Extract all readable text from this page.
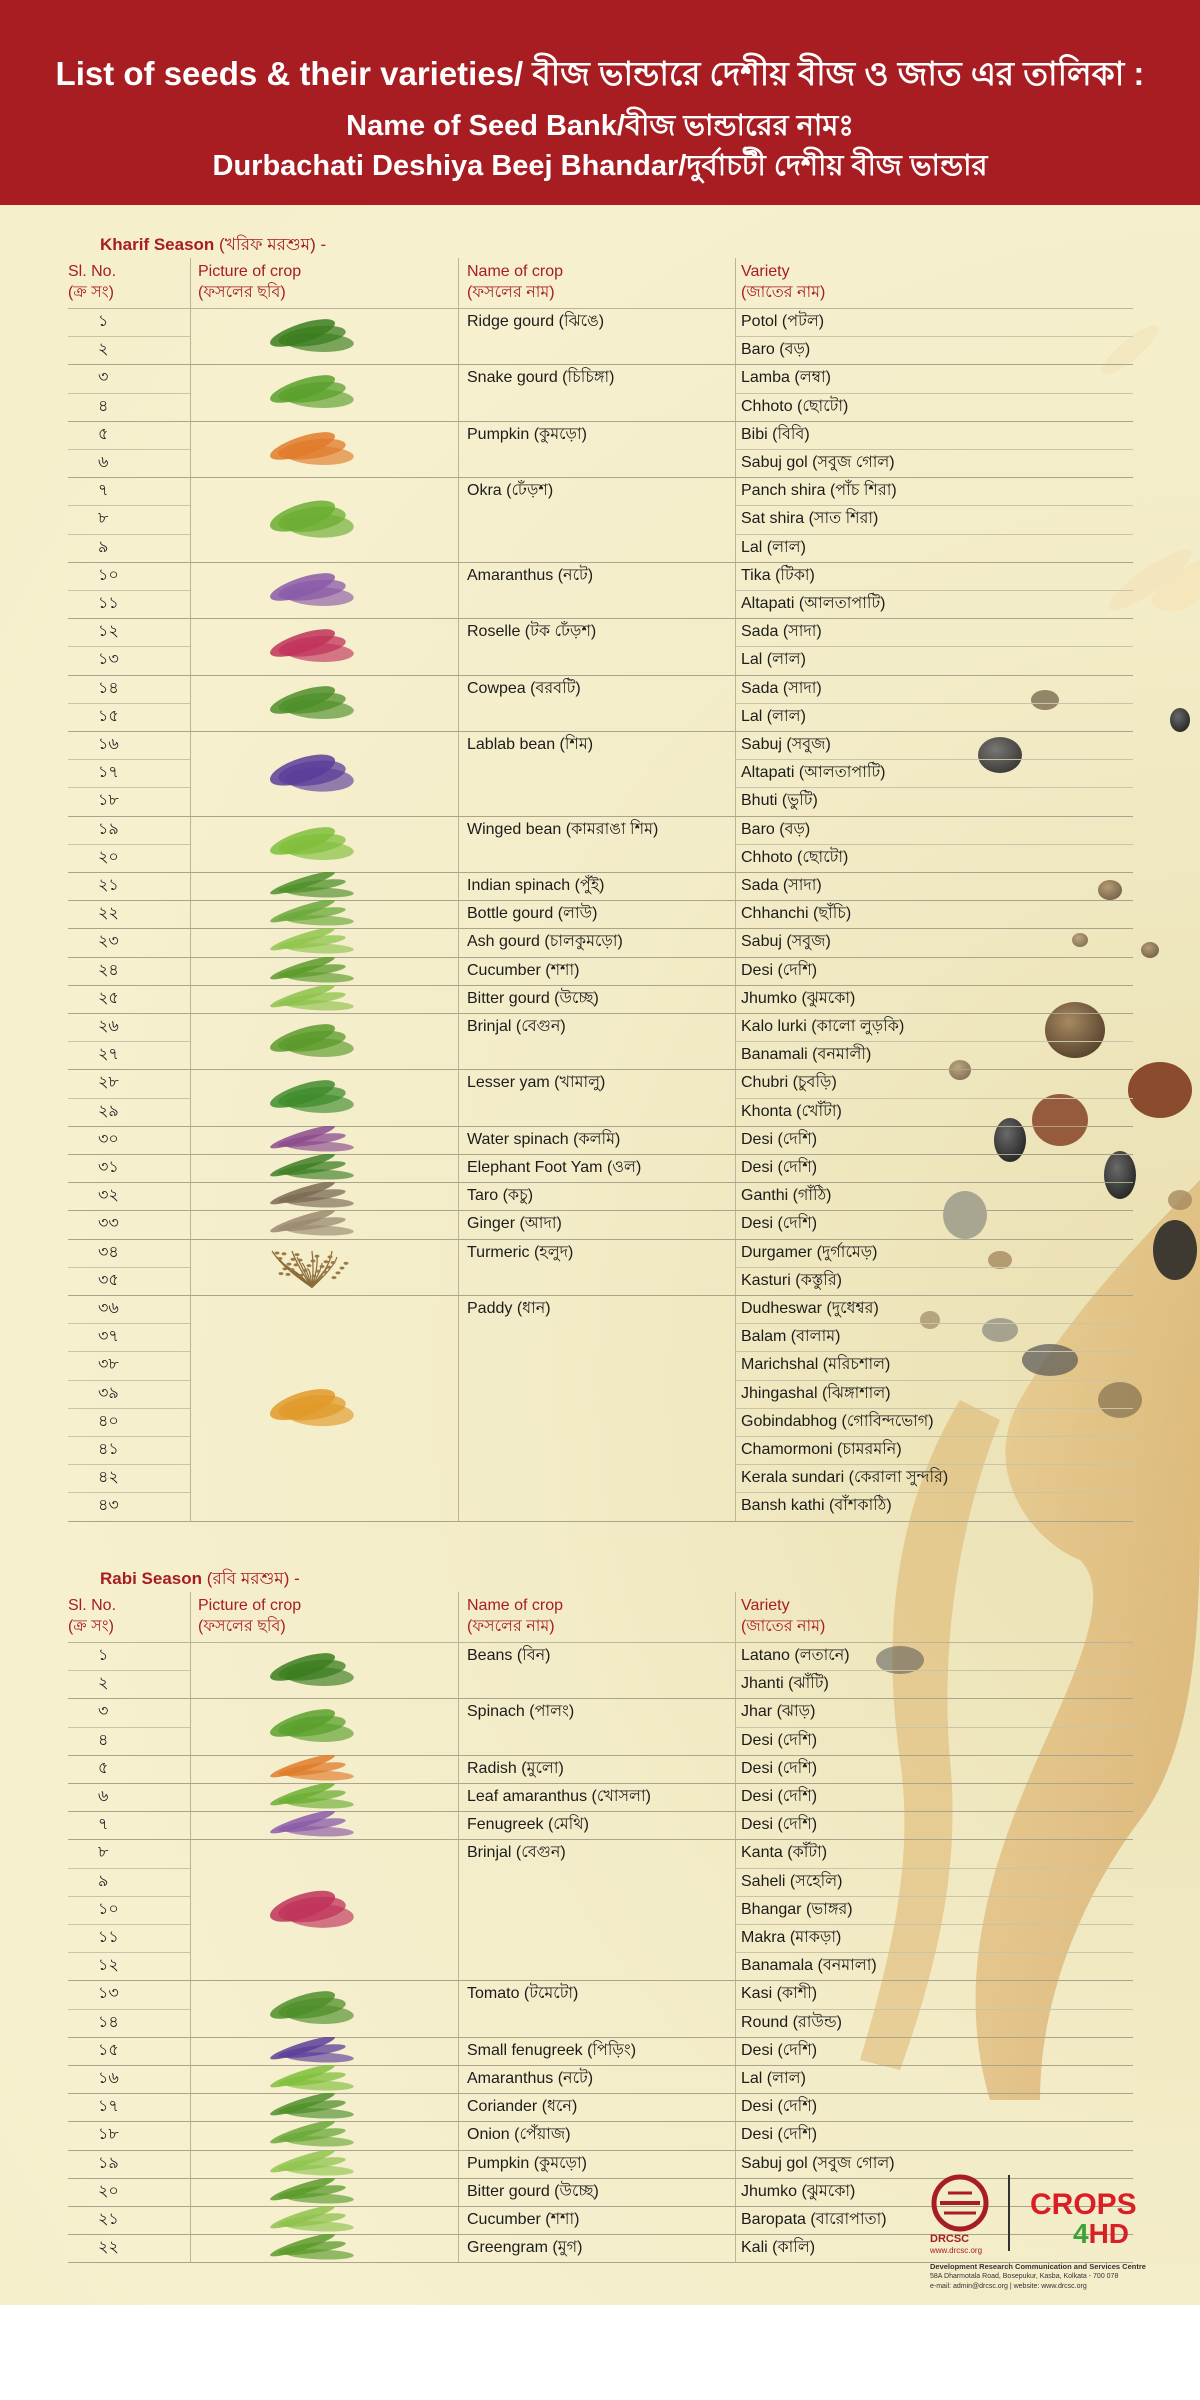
List of seeds & their varieties/ বীজ ভান্ডারে দেশীয় বীজ ও জাত এর তালিকা :
Name of Seed Bank/বীজ ভান্ডারের নামঃ
Durbachati Deshiya Beej Bhandar/দুর্বাচটী দেশীয় বীজ ভান্ডার
Kharif Season (খরিফ মরশুম) -
Sl. No.
(ক্র সং)
Picture of crop
(ফসলের ছবি)
Name of crop
(ফসলের নাম)
Variety
(জাতের নাম)
১	Ridge gourd (ঝিঙে)	Potol (পটল)
২	Baro (বড়)
৩	Snake gourd (চিচিঙ্গা)	Lamba (লম্বা)
৪	Chhoto (ছোটো)
৫	Pumpkin (কুমড়ো)	Bibi (বিবি)
৬	Sabuj gol (সবুজ গোল)
৭	Okra (ঢেঁড়শ)	Panch shira (পাঁচ শিরা)
৮	Sat shira (সাত শিরা)
৯	Lal (লাল)
১০	Amaranthus (নটে)	Tika (টিকা)
১১	Altapati (আলতাপাটি)
১২	Roselle (টক ঢেঁড়শ)	Sada (সাদা)
১৩	Lal (লাল)
১৪	Cowpea (বরবটি)	Sada (সাদা)
১৫	Lal (লাল)
১৬	Lablab bean (শিম)	Sabuj (সবুজ)
১৭	Altapati (আলতাপাটি)
১৮	Bhuti (ভুটি)
১৯	Winged bean (কামরাঙা শিম)	Baro (বড়)
২০	Chhoto (ছোটো)
২১	Indian spinach (পুঁই)	Sada (সাদা)
২২	Bottle gourd (লাউ)	Chhanchi (ছাঁচি)
২৩	Ash gourd (চালকুমড়ো)	Sabuj (সবুজ)
২৪	Cucumber (শশা)	Desi (দেশি)
২৫	Bitter gourd (উচ্ছে)	Jhumko (ঝুমকো)
২৬	Brinjal (বেগুন)	Kalo lurki (কালো লুড়কি)
২৭	Banamali (বনমালী)
২৮	Lesser yam (খামালু)	Chubri (চুবড়ি)
২৯	Khonta (খোঁটা)
৩০	Water spinach (কলমি)	Desi (দেশি)
৩১	Elephant Foot Yam (ওল)	Desi (দেশি)
৩২	Taro (কচু)	Ganthi (গাঁঠি)
৩৩	Ginger (আদা)	Desi (দেশি)
৩৪	Turmeric (হলুদ)	Durgamer (দুর্গামেড়)
৩৫	Kasturi (কস্তুরি)
৩৬	Paddy (ধান)	Dudheswar (দুধেশ্বর)
৩৭	Balam (বালাম)
৩৮	Marichshal (মরিচশাল)
৩৯	Jhingashal (ঝিঙ্গাশাল)
৪০	Gobindabhog (গোবিন্দভোগ)
৪১	Chamormoni (চামরমনি)
৪২	Kerala sundari (কেরালা সুন্দরি)
৪৩	Bansh kathi (বাঁশকাঠি)
Rabi Season (রবি মরশুম) -
Sl. No.
(ক্র সং)
Picture of crop
(ফসলের ছবি)
Name of crop
(ফসলের নাম)
Variety
(জাতের নাম)
১	Beans (বিন)	Latano (লতানে)
২	Jhanti (ঝাঁটি)
৩	Spinach (পালং)	Jhar (ঝাড়)
৪	Desi (দেশি)
৫	Radish (মুলো)	Desi (দেশি)
৬	Leaf amaranthus (খোসলা)	Desi (দেশি)
৭	Fenugreek (মেথি)	Desi (দেশি)
৮	Brinjal (বেগুন)	Kanta (কাঁটা)
৯	Saheli (সহেলি)
১০	Bhangar (ভাঙ্গর)
১১	Makra (মাকড়া)
১২	Banamala (বনমালা)
১৩	Tomato (টমেটো)	Kasi (কাশী)
১৪	Round (রাউন্ড)
১৫	Small fenugreek (পিড়িং)	Desi (দেশি)
১৬	Amaranthus (নটে)	Lal (লাল)
১৭	Coriander (ধনে)	Desi (দেশি)
১৮	Onion (পেঁয়াজ)	Desi (দেশি)
১৯	Pumpkin (কুমড়ো)	Sabuj gol (সবুজ গোল)
২০	Bitter gourd (উচ্ছে)	Jhumko (ঝুমকো)
২১	Cucumber (শশা)	Baropata (বারোপাতা)
২২	Greengram (মুগ)	Kali (কালি)
DRCSC
www.drcsc.org
CROPS
4HD
Development Research Communication and Services Centre
58A Dharmotala Road, Bosepukur, Kasba, Kolkata - 700 078
e-mail: admin@drcsc.org | website: www.drcsc.org
